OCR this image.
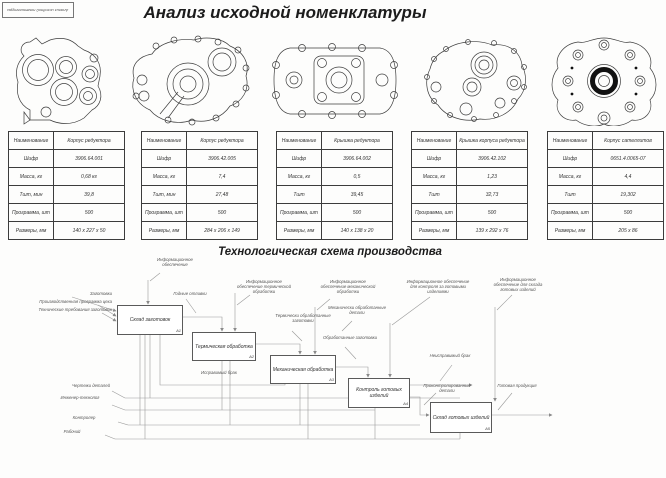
Анализ исходной номенклатуры	Анализ исходной номенклатуры
Наименование	Корпус редуктора
Шифр	3906.64.001
Масса, кг	0,68 кг
Тшт, мин	39,8
Программа, шт	500
Размеры, мм	140 х 227 х 50
Наименование	Корпус редуктора
Шифр	3906.42.005
Масса, кг	7,4
Тшт, мин	27,48
Программа, шт	500
Размеры, мм	284 х 206 х 149
Наименование	Крышка редуктора
Шифр	3906.64.002
Масса, кг	0,5
Тшт	39,45
Программа, шт	500
Размеры, мм	140 х 138 х 20
Наименование	Крышка корпуса редуктора
Шифр	3906.42.102
Масса, кг	1,23
Тшт	32,73
Программа, шт	500
Размеры, мм	139 х 292 х 76
Наименование	Корпус сателлитов
Шифр	0651.4.0065-07
Масса, кг	4,4
Тшт	19,302
Программа, шт	500
Размеры, мм	205 х 86
Технологическая схема производства
Склад заготовок
А1
Термическая обработка
А2
Механическая обработка
А3
Контроль готовых изделий
А4
Склад готовых изделий
А5
Информационное обеспечение
Заготовки
Производственная программа цеха
Технические требования заготовок
Годные отливки
Информационное обеспечение термической обработки
Термически обработанные заготовки
Информационное обеспечение механической обработки
Механически обработанные детали
Обработанные заготовки
Информационное обеспечение для контроля за готовыми изделиями
Информационное обеспечение для склада готовых изделий
Исправимый брак
Неисправимый брак
Проконтролированные детали
Готовая продукция
Чертежи деталей
Инженер-технолог
Контролер
Рабочий
